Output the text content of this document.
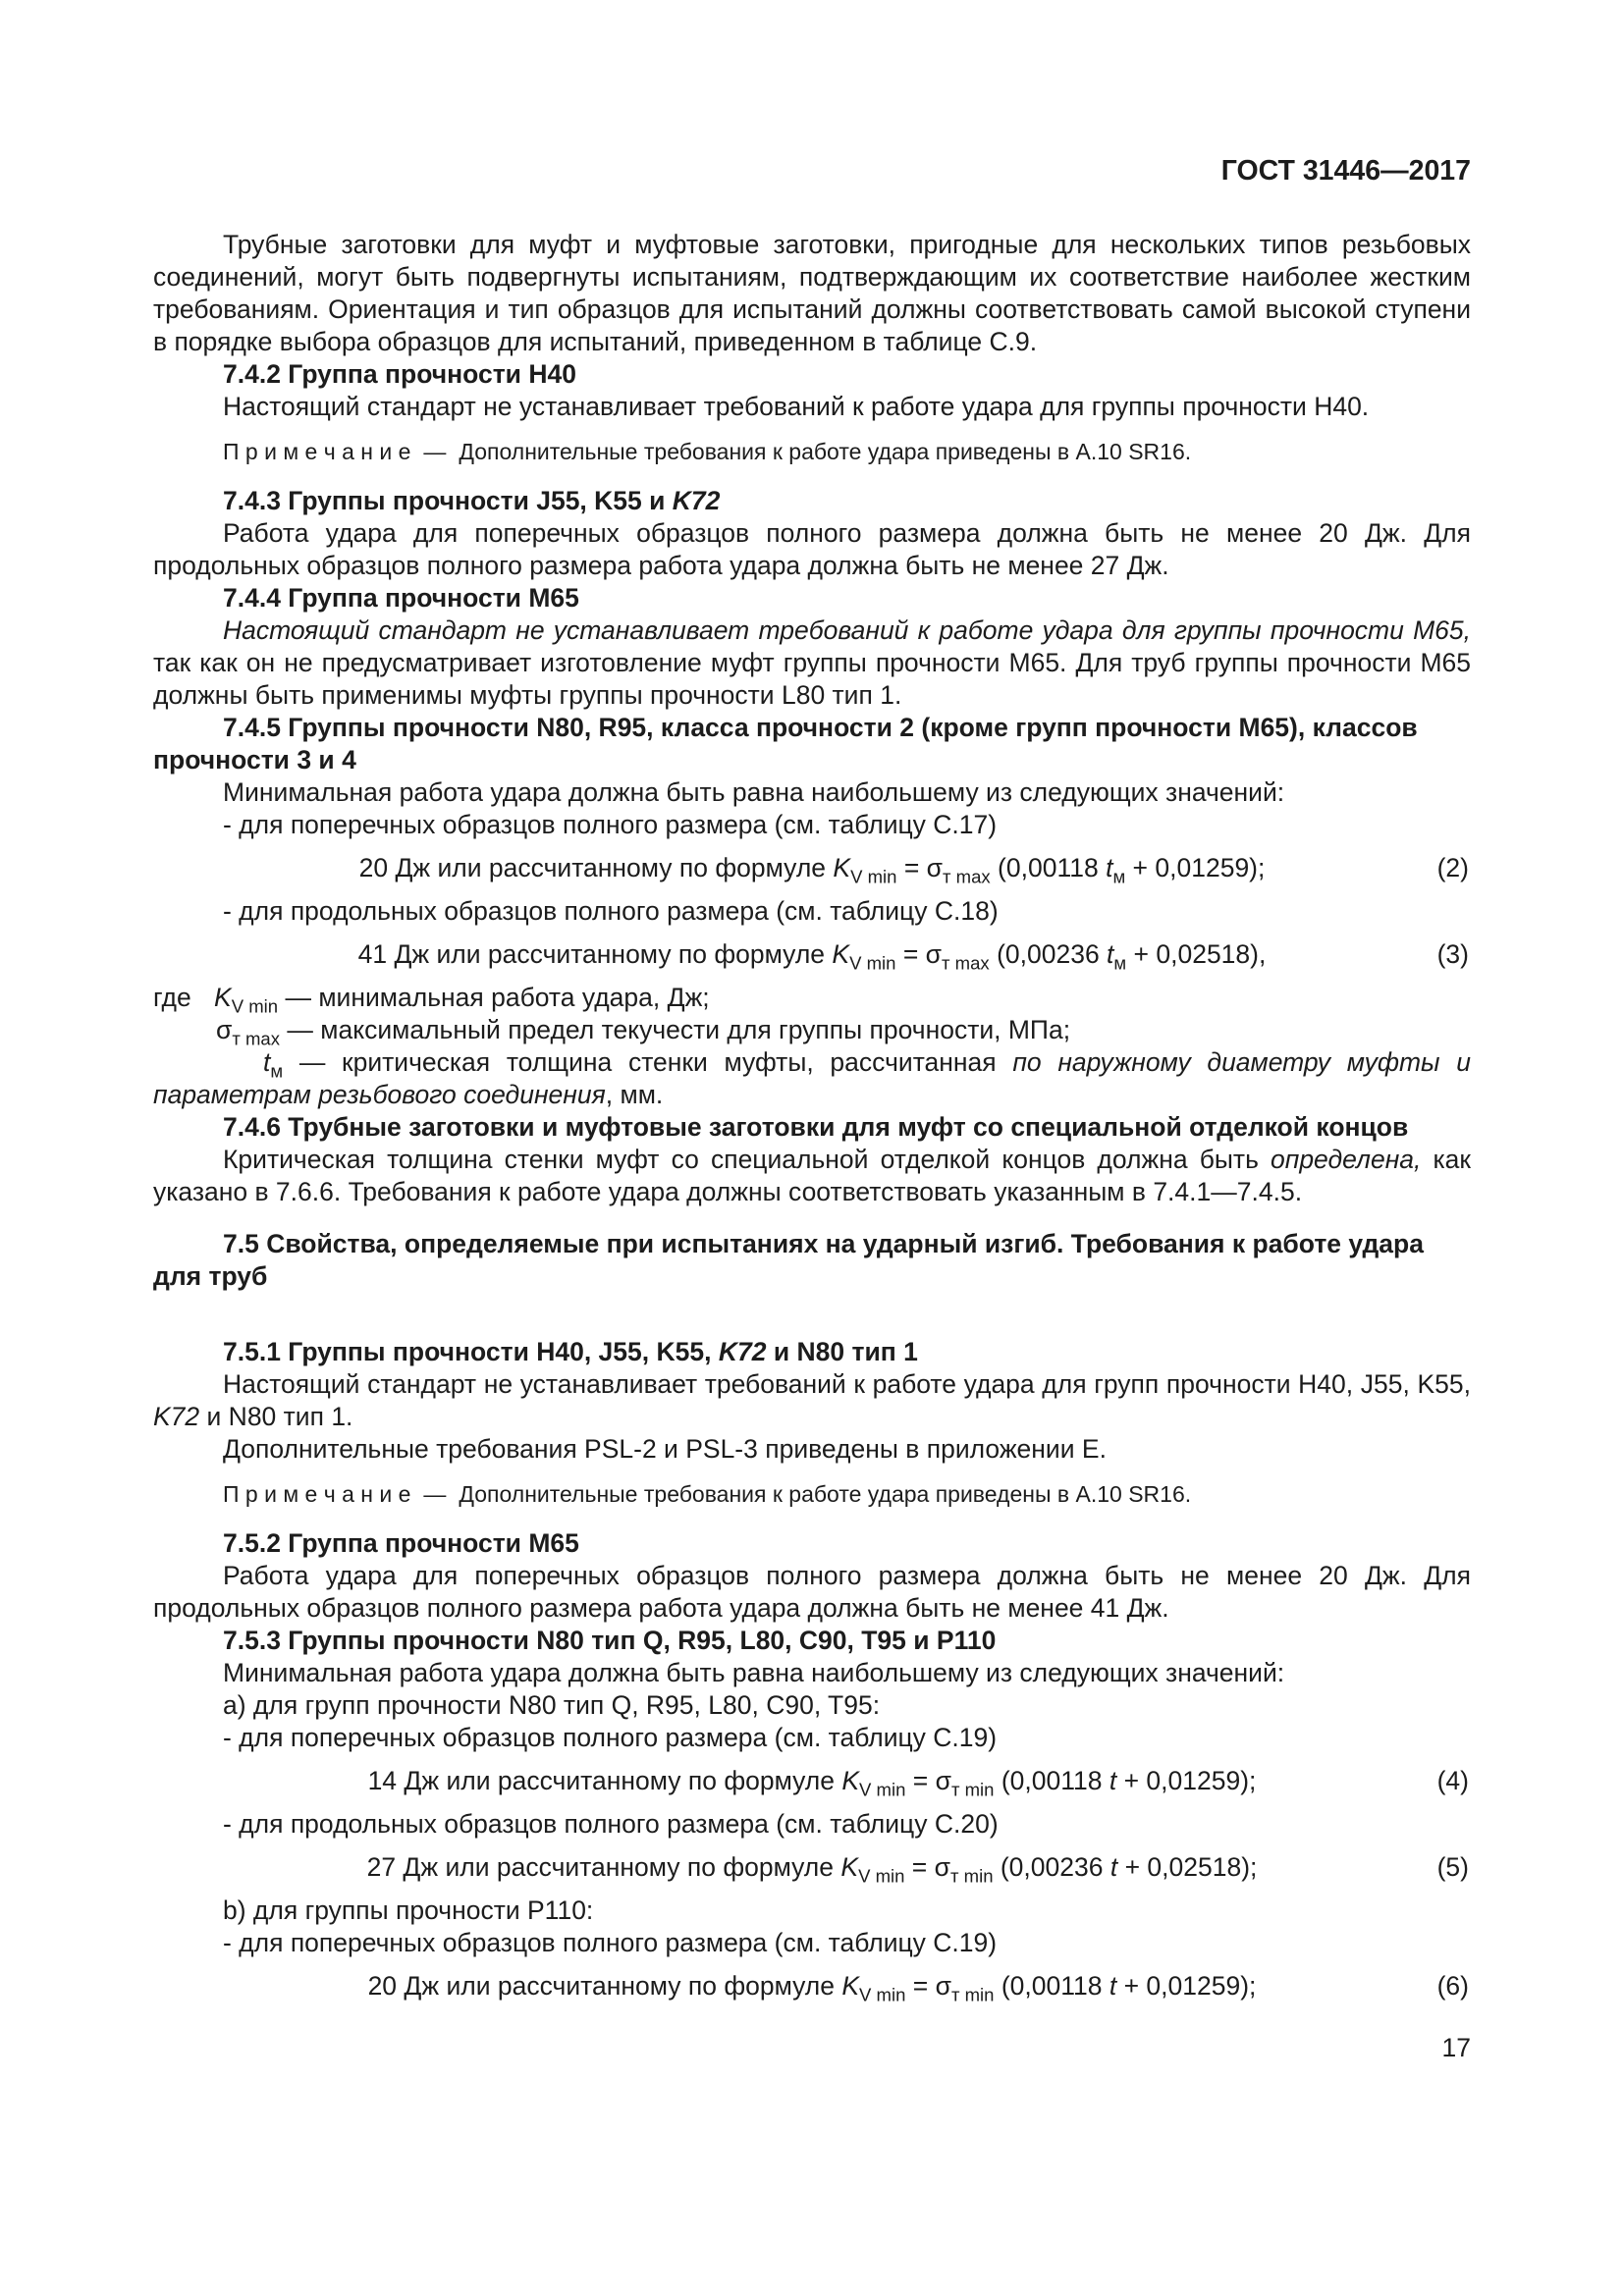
ГОСТ 31446—2017
Трубные заготовки для муфт и муфтовые заготовки, пригодные для нескольких типов резьбовых соединений, могут быть подвергнуты испытаниям, подтверждающим их соответствие наиболее жестким требованиям. Ориентация и тип образцов для испытаний должны соответствовать самой высокой ступени в порядке выбора образцов для испытаний, приведенном в таблице С.9.
7.4.2 Группа прочности H40
Настоящий стандарт не устанавливает требований к работе удара для группы прочности H40.
П р и м е ч а н и е — Дополнительные требования к работе удара приведены в А.10 SR16.
7.4.3 Группы прочности J55, K55 и K72
Работа удара для поперечных образцов полного размера должна быть не менее 20 Дж. Для продольных образцов полного размера работа удара должна быть не менее 27 Дж.
7.4.4 Группа прочности M65
Настоящий стандарт не устанавливает требований к работе удара для группы прочности M65, так как он не предусматривает изготовление муфт группы прочности M65. Для труб группы прочности M65 должны быть применимы муфты группы прочности L80 тип 1.
7.4.5 Группы прочности N80, R95, класса прочности 2 (кроме групп прочности M65), классов прочности 3 и 4
Минимальная работа удара должна быть равна наибольшему из следующих значений:
- для поперечных образцов полного размера (см. таблицу С.17)
20 Дж или рассчитанному по формуле $K_{V min} = \sigma_{т max}$ (0,00118 $t_м + 0,01259$);	(2)
- для продольных образцов полного размера (см. таблицу С.18)
41 Дж или рассчитанному по формуле $K_{V min} = \sigma_{т max}$ (0,00236 $t_м + 0,02518$),	(3)
где $K_{V min}$ — минимальная работа удара, Дж;
$\sigma_{т max}$ — максимальный предел текучести для группы прочности, МПа;
$t_м$ — критическая толщина стенки муфты, рассчитанная по наружному диаметру муфты и параметрам резьбового соединения, мм.
7.4.6 Трубные заготовки и муфтовые заготовки для муфт со специальной отделкой концов
Критическая толщина стенки муфт со специальной отделкой концов должна быть определена, как указано в 7.6.6. Требования к работе удара должны соответствовать указанным в 7.4.1—7.4.5.
7.5 Свойства, определяемые при испытаниях на ударный изгиб. Требования к работе удара для труб
7.5.1 Группы прочности H40, J55, K55, K72 и N80 тип 1
Настоящий стандарт не устанавливает требований к работе удара для групп прочности H40, J55, K55, K72 и N80 тип 1.
Дополнительные требования PSL-2 и PSL-3 приведены в приложении Е.
П р и м е ч а н и е — Дополнительные требования к работе удара приведены в А.10 SR16.
7.5.2 Группа прочности M65
Работа удара для поперечных образцов полного размера должна быть не менее 20 Дж. Для продольных образцов полного размера работа удара должна быть не менее 41 Дж.
7.5.3 Группы прочности N80 тип Q, R95, L80, C90, T95 и P110
Минимальная работа удара должна быть равна наибольшему из следующих значений:
а) для групп прочности N80 тип Q, R95, L80, C90, T95:
- для поперечных образцов полного размера (см. таблицу С.19)
14 Дж или рассчитанному по формуле $K_{V min} = \sigma_{т min}$ (0,00118 t + 0,01259);	(4)
- для продольных образцов полного размера (см. таблицу С.20)
27 Дж или рассчитанному по формуле $K_{V min} = \sigma_{т min}$ (0,00236 t + 0,02518);	(5)
b) для группы прочности P110:
- для поперечных образцов полного размера (см. таблицу С.19)
20 Дж или рассчитанному по формуле $K_{V min} = \sigma_{т min}$ (0,00118 t + 0,01259);	(6)
17
